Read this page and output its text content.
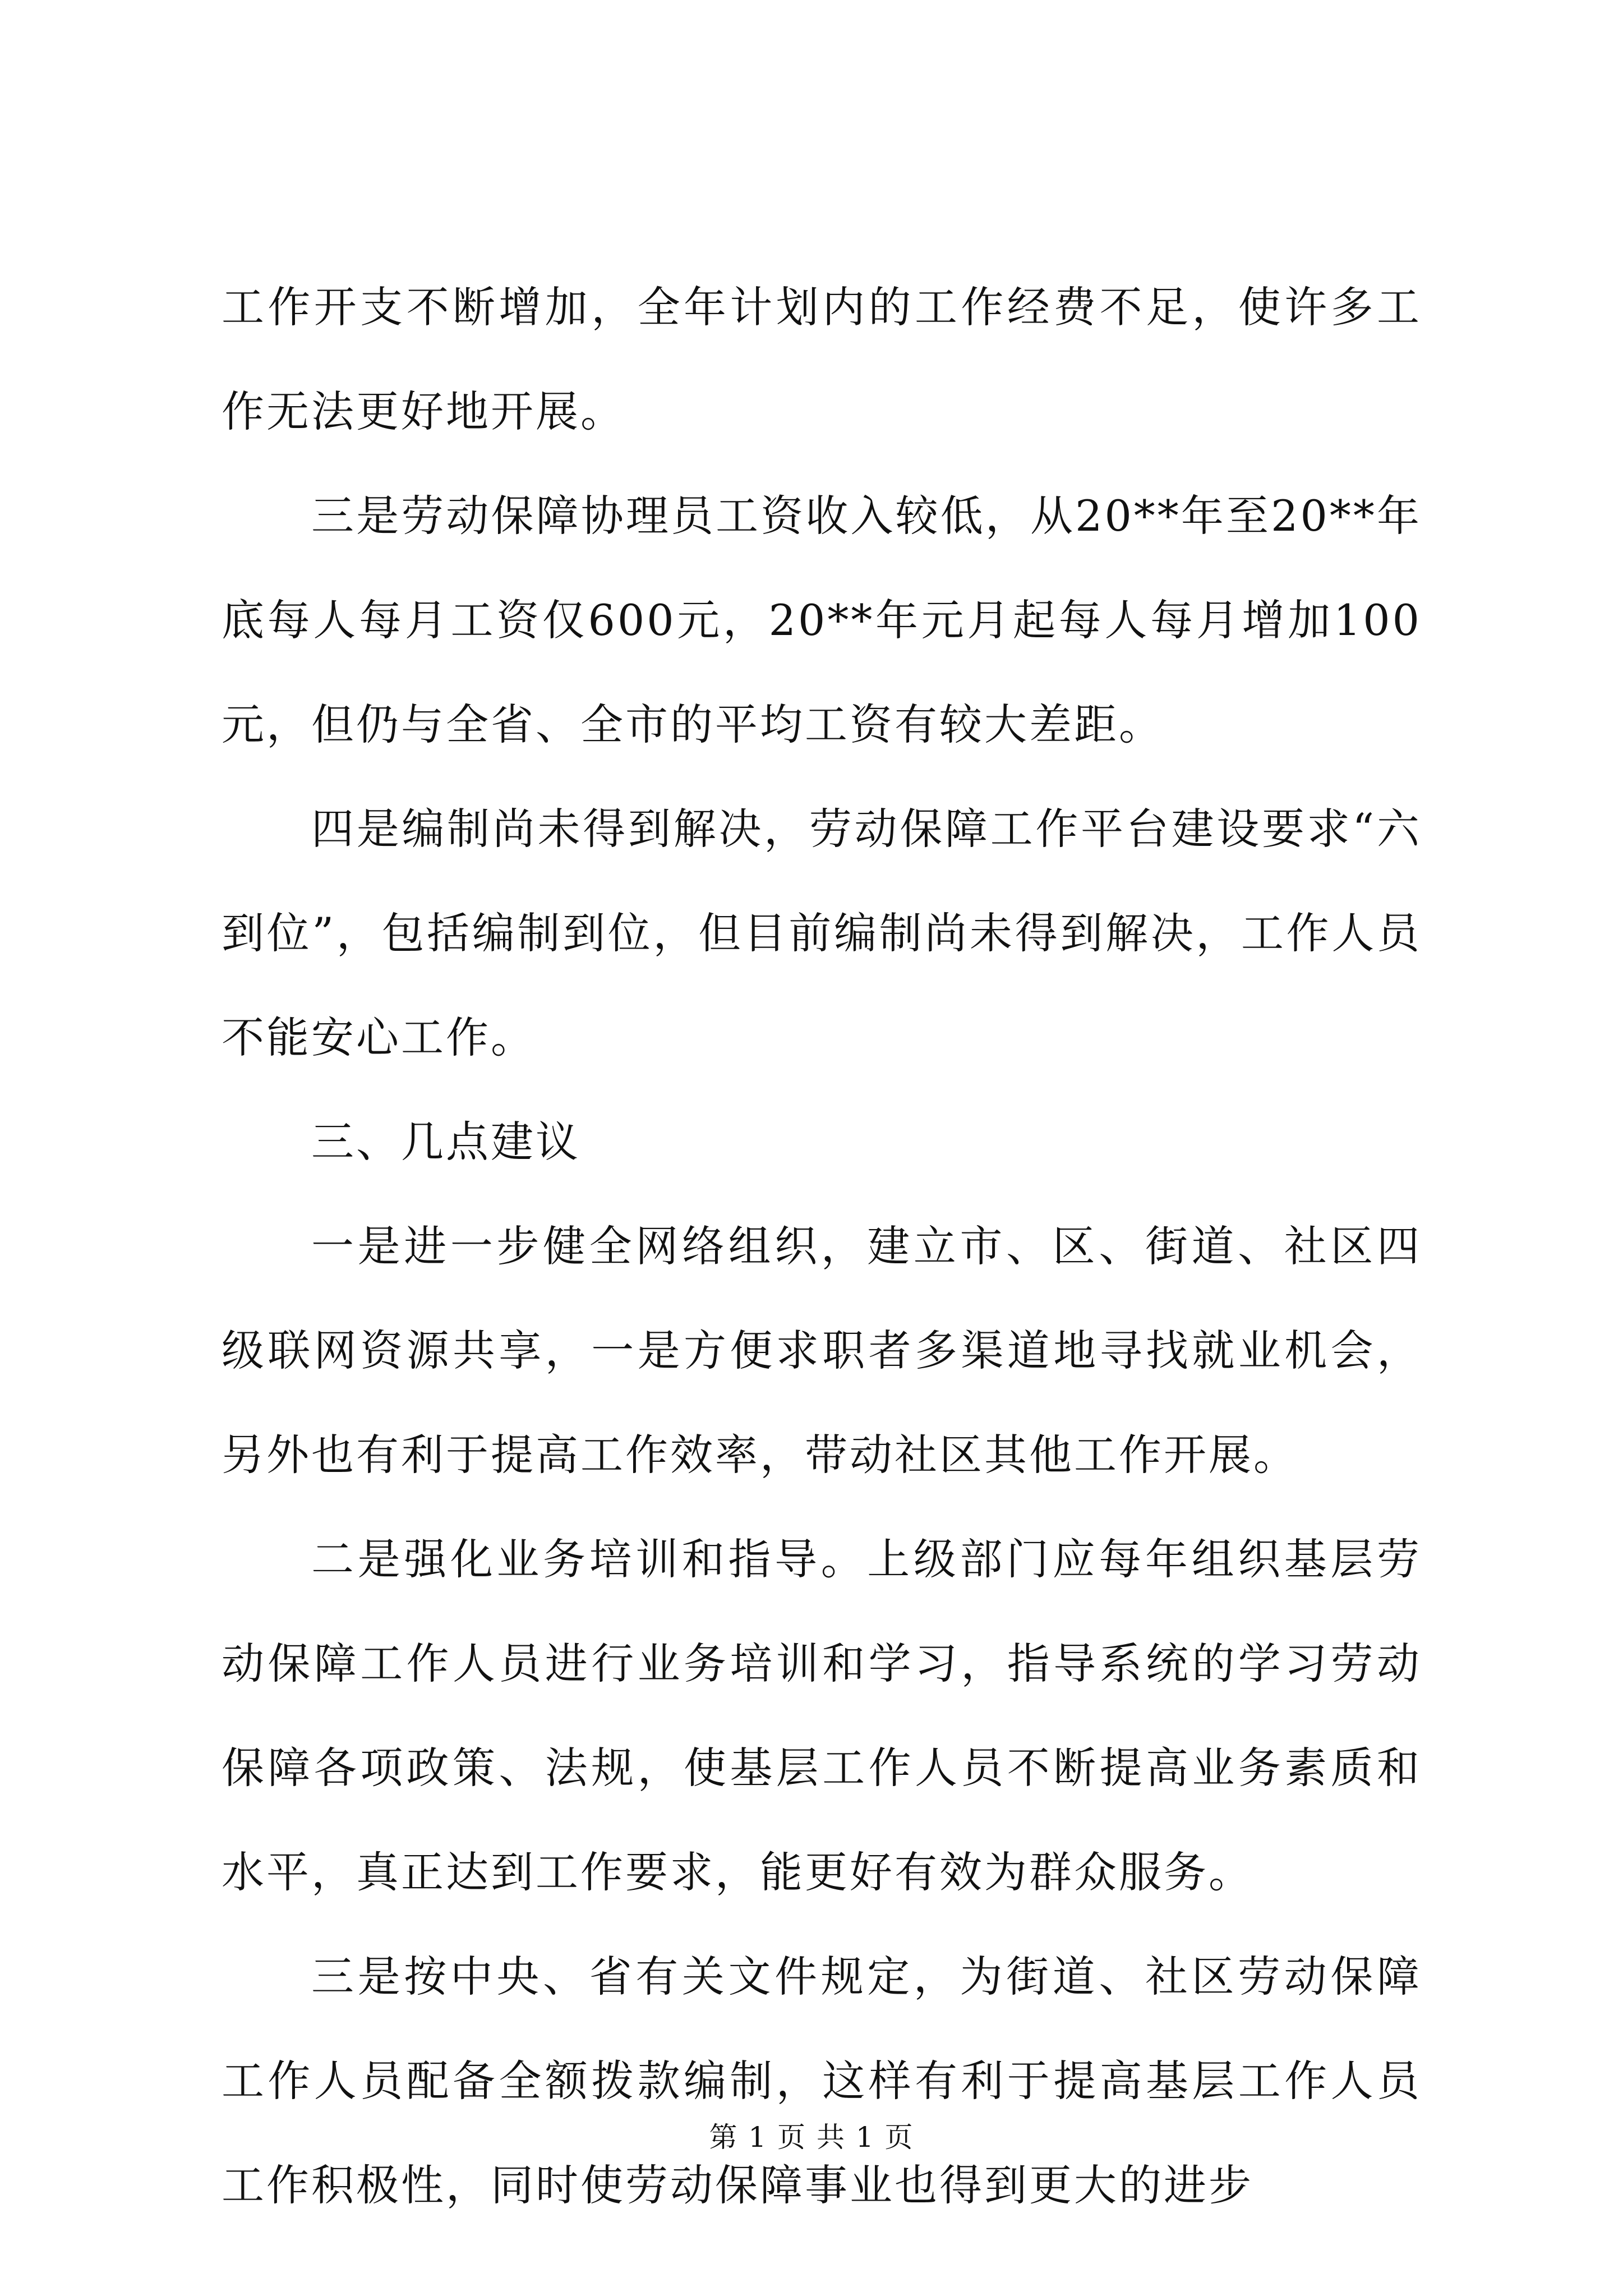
工作开支不断增加，全年计划内的工作经费不足，使许多工作无法更好地开展。

三是劳动保障协理员工资收入较低，从20**年至20**年底每人每月工资仅600元，20**年元月起每人每月增加100元，但仍与全省、全市的平均工资有较大差距。

四是编制尚未得到解决，劳动保障工作平台建设要求“六到位”，包括编制到位，但目前编制尚未得到解决，工作人员不能安心工作。

三、几点建议

一是进一步健全网络组织，建立市、区、街道、社区四级联网资源共享，一是方便求职者多渠道地寻找就业机会，另外也有利于提高工作效率，带动社区其他工作开展。

二是强化业务培训和指导。上级部门应每年组织基层劳动保障工作人员进行业务培训和学习，指导系统的学习劳动保障各项政策、法规，使基层工作人员不断提高业务素质和水平，真正达到工作要求，能更好有效为群众服务。

三是按中央、省有关文件规定，为街道、社区劳动保障工作人员配备全额拨款编制，这样有利于提高基层工作人员工作积极性，同时使劳动保障事业也得到更大的进步

第 1 页 共 1 页
